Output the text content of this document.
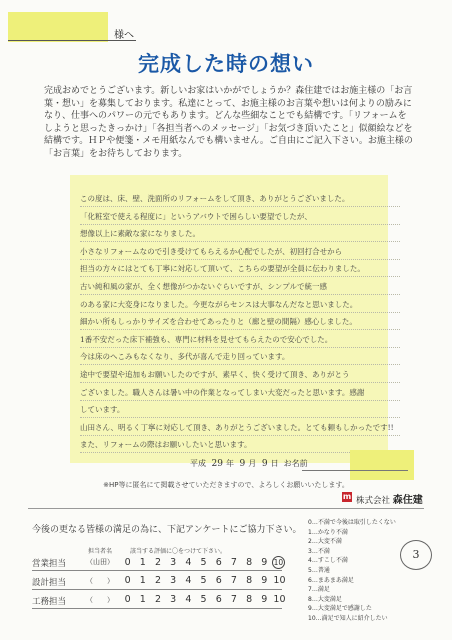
様へ
完成した時の想い
完成おめでとうございます。新しいお家はいかがでしょうか？森住建ではお施主様の「お言葉・想い」を募集しております。私達にとって、お施主様のお言葉や想いは何よりの励みになり、仕事へのパワーの元でもあります。どんな些細なことでも結構です。「リフォームをしようと思ったきっかけ」「各担当者へのメッセージ」「お気づき頂いたこと」似顔絵などを結構です。ＨＰや便箋・メモ用紙なんでも構いません。ご自由にご記入下さい。お施主様の「お言葉」をお待ちしております。
この度は、床、壁、洗面所のリフォームをして頂き、ありがとうございました。
「化粧室で使える程度に」というアバウトで困らしい要望でしたが、
想像以上に素敵な家になりました。
小さなリフォームなので引き受けてもらえるか心配でしたが、初回打合せから
担当の方々にはとても丁寧に対応して頂いて、こちらの要望が全員に伝わりました。
古い純和風の家が、全く想像がつかないぐらいですが、シンプルで統一感
のある家に大変身になりました。今更ながらセンスは大事なんだなと思いました。
細かい所もしっかりサイズを合わせてあったりと（廊と壁の間隔）感心しました。
1番不安だった床下補強も、専門に材料を見せてもらえたので安心でした。
今は床のへこみもなくなり、多代が喜んで走り回っています。
途中で要望や追加もお願いしたのですが、素早く、快く受けて頂き、ありがとう
ございました。職人さんは暑い中の作業となってしまい大変だったと思います。感謝
しています。
山田さん、明るく丁寧に対応して頂き、ありがとうございました。とても頼もしかったです!!
また、リフォームの際はお願いしたいと思います。
平成 29 年 9 月 9 日 お名前
※HP等に匿名にて掲載させていただきますので、よろしくお願いいたします。
m 株式会社 森住建
今後の更なる皆様の満足の為に、下記アンケートにご協力下さい。
担当者名	該当する評価に〇をつけて下さい。
営業担当	（山田）	0 1 2 3 4 5 6 7 8 9 10
設計担当	（　　）	0 1 2 3 4 5 6 7 8 9 10
工務担当	（　　）	0 1 2 3 4 5 6 7 8 9 10
0…不満で今後は取引したくない
1…かなり不満
2…大変不満
3…不満
4…すこし不満
5…普通
6…まあまあ満足
7…満足
8…大変満足
9…大変満足で感謝した
10…満足で知人に紹介したい
3
